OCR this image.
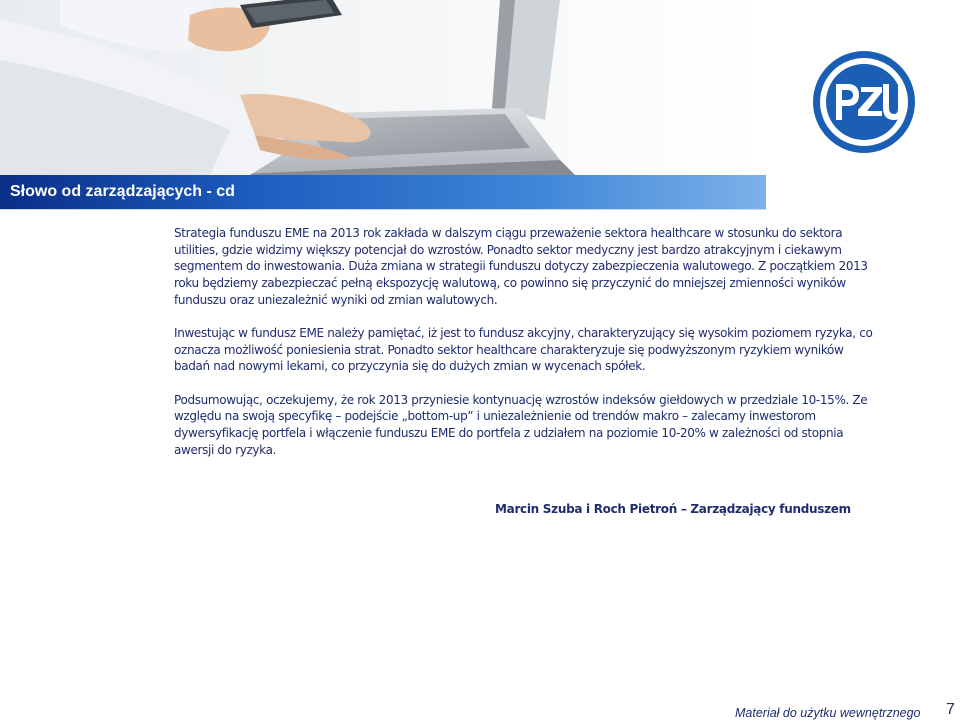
Słowo od zarządzających - cd

Strategia funduszu EME na 2013 rok zakłada w dalszym ciągu przeważenie sektora healthcare w stosunku do sektora utilities, gdzie widzimy większy potencjał do wzrostów. Ponadto sektor medyczny jest bardzo atrakcyjnym i ciekawym segmentem do inwestowania. Duża zmiana w strategii funduszu dotyczy zabezpieczenia walutowego. Z początkiem 2013 roku będziemy zabezpieczać pełną ekspozycję walutową, co powinno się przyczynić do mniejszej zmienności wyników funduszu oraz uniezależnić wyniki od zmian walutowych.

Inwestując w fundusz EME należy pamiętać, iż jest to fundusz akcyjny, charakteryzujący się wysokim poziomem ryzyka, co oznacza możliwość poniesienia strat. Ponadto sektor healthcare charakteryzuje się podwyższonym ryzykiem wyników badań nad nowymi lekami, co przyczynia się do dużych zmian w wycenach spółek.

Podsumowując, oczekujemy, że rok 2013 przyniesie kontynuację wzrostów indeksów giełdowych w przedziale 10-15%. Ze względu na swoją specyfikę – podejście „bottom-up” i uniezależnienie od trendów makro – zalecamy inwestorom dywersyfikację portfela i włączenie funduszu EME do portfela z udziałem na poziomie 10-20% w zależności od stopnia awersji do ryzyka.

Marcin Szuba i Roch Pietroń – Zarządzający funduszem
Materiał do użytku wewnętrznego 7
